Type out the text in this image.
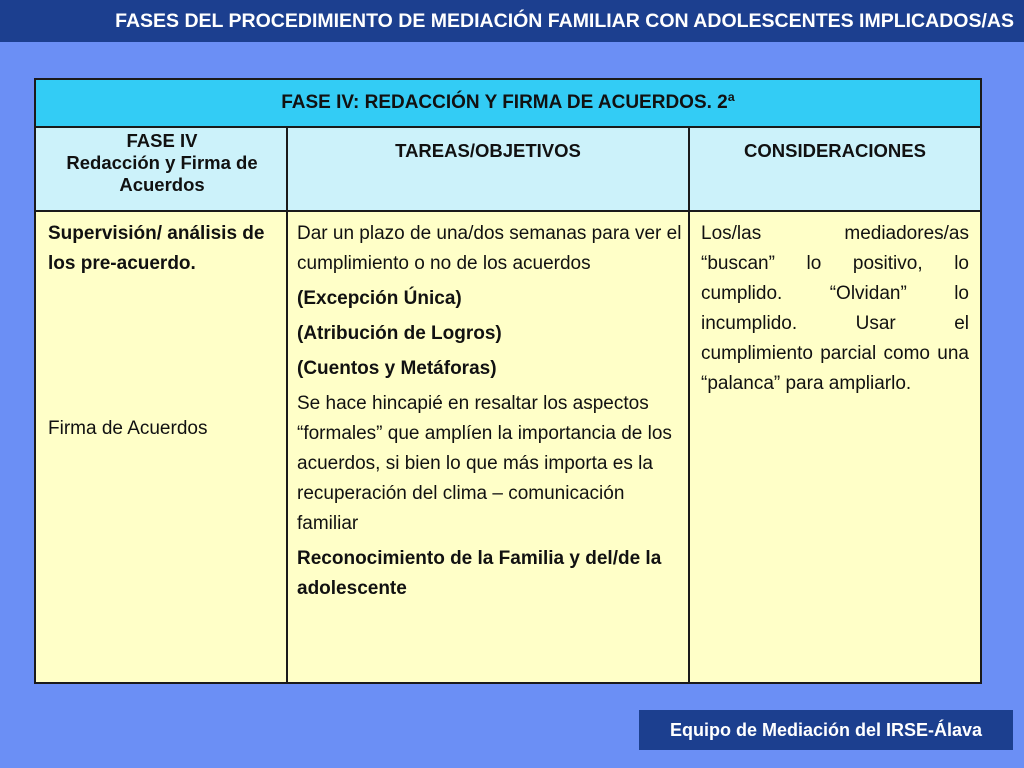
FASES DEL PROCEDIMIENTO DE MEDIACIÓN FAMILIAR CON ADOLESCENTES IMPLICADOS/AS
FASE IV: REDACCIÓN Y FIRMA DE ACUERDOS. 2ª
FASE IV
Redacción y Firma de Acuerdos
TAREAS/OBJETIVOS	CONSIDERACIONES
Supervisión/ análisis de los pre-acuerdo.
Firma de Acuerdos

Dar un plazo de una/dos semanas para ver el cumplimiento o no de los acuerdos

(Excepción Única)

(Atribución de Logros)

(Cuentos y Metáforas)

Se hace hincapié en resaltar los aspectos “formales” que amplíen la importancia de los acuerdos, si bien lo que más importa es la recuperación del clima – comunicación familiar

Reconocimiento de la Familia y del/de la adolescente

Los/las mediadores/as “buscan” lo positivo, lo cumplido. “Olvidan” lo incumplido. Usar el cumplimiento parcial como una “palanca” para ampliarlo.
Equipo de Mediación del IRSE-Álava
